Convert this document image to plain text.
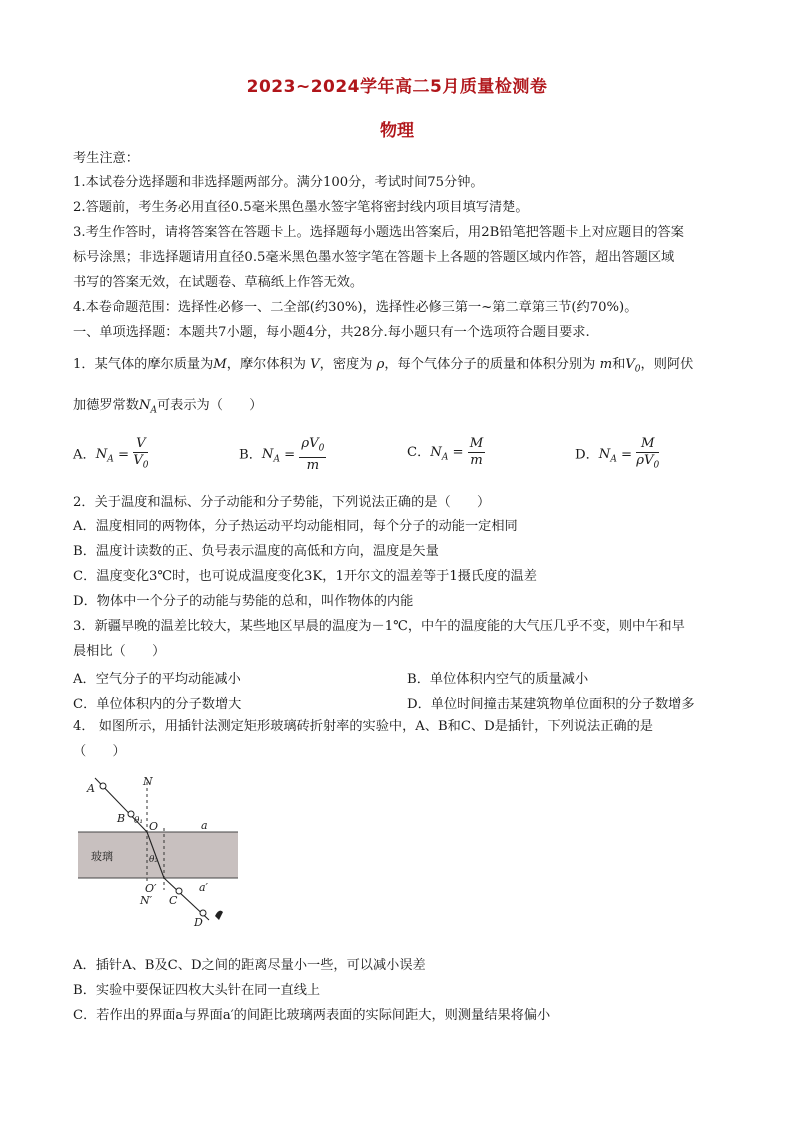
2023~2024学年高二5月质量检测卷
物理
考生注意：
1.本试卷分选择题和非选择题两部分。满分100分，考试时间75分钟。
2.答题前，考生务必用直径0.5毫米黑色墨水签字笔将密封线内项目填写清楚。
3.考生作答时，请将答案答在答题卡上。选择题每小题选出答案后，用2B铅笔把答题卡上对应题目的答案
标号涂黑；非选择题请用直径0.5毫米黑色墨水签字笔在答题卡上各题的答题区域内作答，超出答题区域
书写的答案无效，在试题卷、草稿纸上作答无效。
4.本卷命题范围：选择性必修一、二全部(约30%)，选择性必修三第一~第二章第三节(约70%)。
一、单项选择题：本题共7小题，每小题4分，共28分.每小题只有一个选项符合题目要求.
1．某气体的摩尔质量为M，摩尔体积为 V，密度为 ρ，每个气体分子的质量和体积分别为 m和$V_0$，则阿伏
加德罗常数$N_A$可表示为（　　）
A．$N_A = \frac{V}{V_0}$	B．$N_A = \frac{\rho V_0}{m}$	C．$N_A = \frac{M}{m}$	D．$N_A = \frac{M}{\rho V_0}$
2．关于温度和温标、分子动能和分子势能，下列说法正确的是（　　）
A．温度相同的两物体，分子热运动平均动能相同，每个分子的动能一定相同
B．温度计读数的正、负号表示温度的高低和方向，温度是矢量
C．温度变化3℃时，也可说成温度变化3K，1开尔文的温差等于1摄氏度的温差
D．物体中一个分子的动能与势能的总和，叫作物体的内能
3．新疆早晚的温差比较大，某些地区早晨的温度为－1℃，中午的温度能的大气压几乎不变，则中午和早
晨相比（　　）
A．空气分子的平均动能减小	B．单位体积内空气的质量减小
C．单位体积内的分子数增大	D．单位时间撞击某建筑物单位面积的分子数增多
4． 如图所示，用插针法测定矩形玻璃砖折射率的实验中，A、B和C、D是插针，下列说法正确的是
（　　）
A
B
N
θ₁ O	a
θ₂
O′	a′
N′ C
D
玻璃
A．插针A、B及C、D之间的距离尽量小一些，可以减小误差
B．实验中要保证四枚大头针在同一直线上
C．若作出的界面a与界面a′的间距比玻璃两表面的实际间距大，则测量结果将偏小
